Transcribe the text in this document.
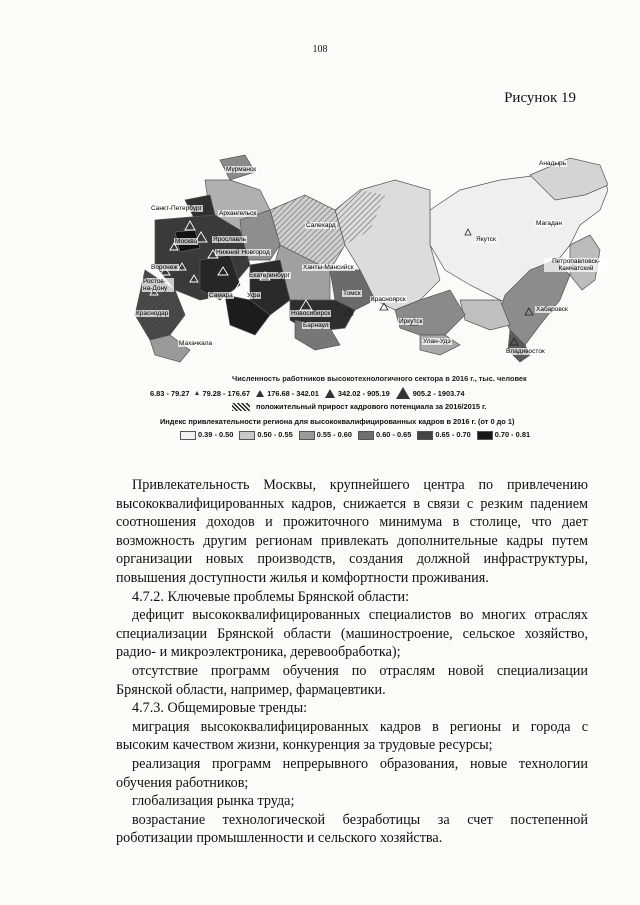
108
Рисунок 19
Мурманск
Анадырь
Санкт-Петербург
Архангельск
Магадан
Салехард
Москва Ярославль	Якутск
Воронеж
Нижний Новгород
Екатеринбург
Ханты-Мансийск
Петропавловск-Камчатский
Ростов-на-Дону
Самара Уфа	Томск
Краснодар
Красноярск
Новосибирск
Барнаул
Иркутск
Хабаровск
Махачкала	Улан-Удэ
Владивосток
Численность работников высокотехнологичного сектора в 2016 г., тыс. человек
6.83 - 79.27 79.28 - 176.67 176.68 - 342.01	342.02 - 905.19	905.2 - 1903.74
положительный прирост кадрового потенциала за 2016/2015 г.
Индекс привлекательности региона для высококвалифицированных кадров в 2016 г. (от 0 до 1)
0.39 - 0.50	0.50 - 0.55	0.55 - 0.60	0.60 - 0.65	0.65 - 0.70	0.70 - 0.81

Привлекательность Москвы, крупнейшего центра по привлечению высококвалифицированных кадров, снижается в связи с резким падением соотношения доходов и прожиточного минимума в столице, что дает возможность другим регионам привлекать дополнительные кадры путем организации новых производств, создания должной инфраструктуры, повышения доступности жилья и комфортности проживания.

4.7.2. Ключевые проблемы Брянской области:

дефицит высококвалифицированных специалистов во многих отраслях специализации Брянской области (машиностроение, сельское хозяйство, радио- и микроэлектроника, деревообработка);

отсутствие программ обучения по отраслям новой специализации Брянской области, например, фармацевтики.

4.7.3. Общемировые тренды:

миграция высококвалифицированных кадров в регионы и города с высоким качеством жизни, конкуренция за трудовые ресурсы;

реализация программ непрерывного образования, новые технологии обучения работников;

глобализация рынка труда;

возрастание технологической безработицы за счет постепенной роботизации промышленности и сельского хозяйства.
